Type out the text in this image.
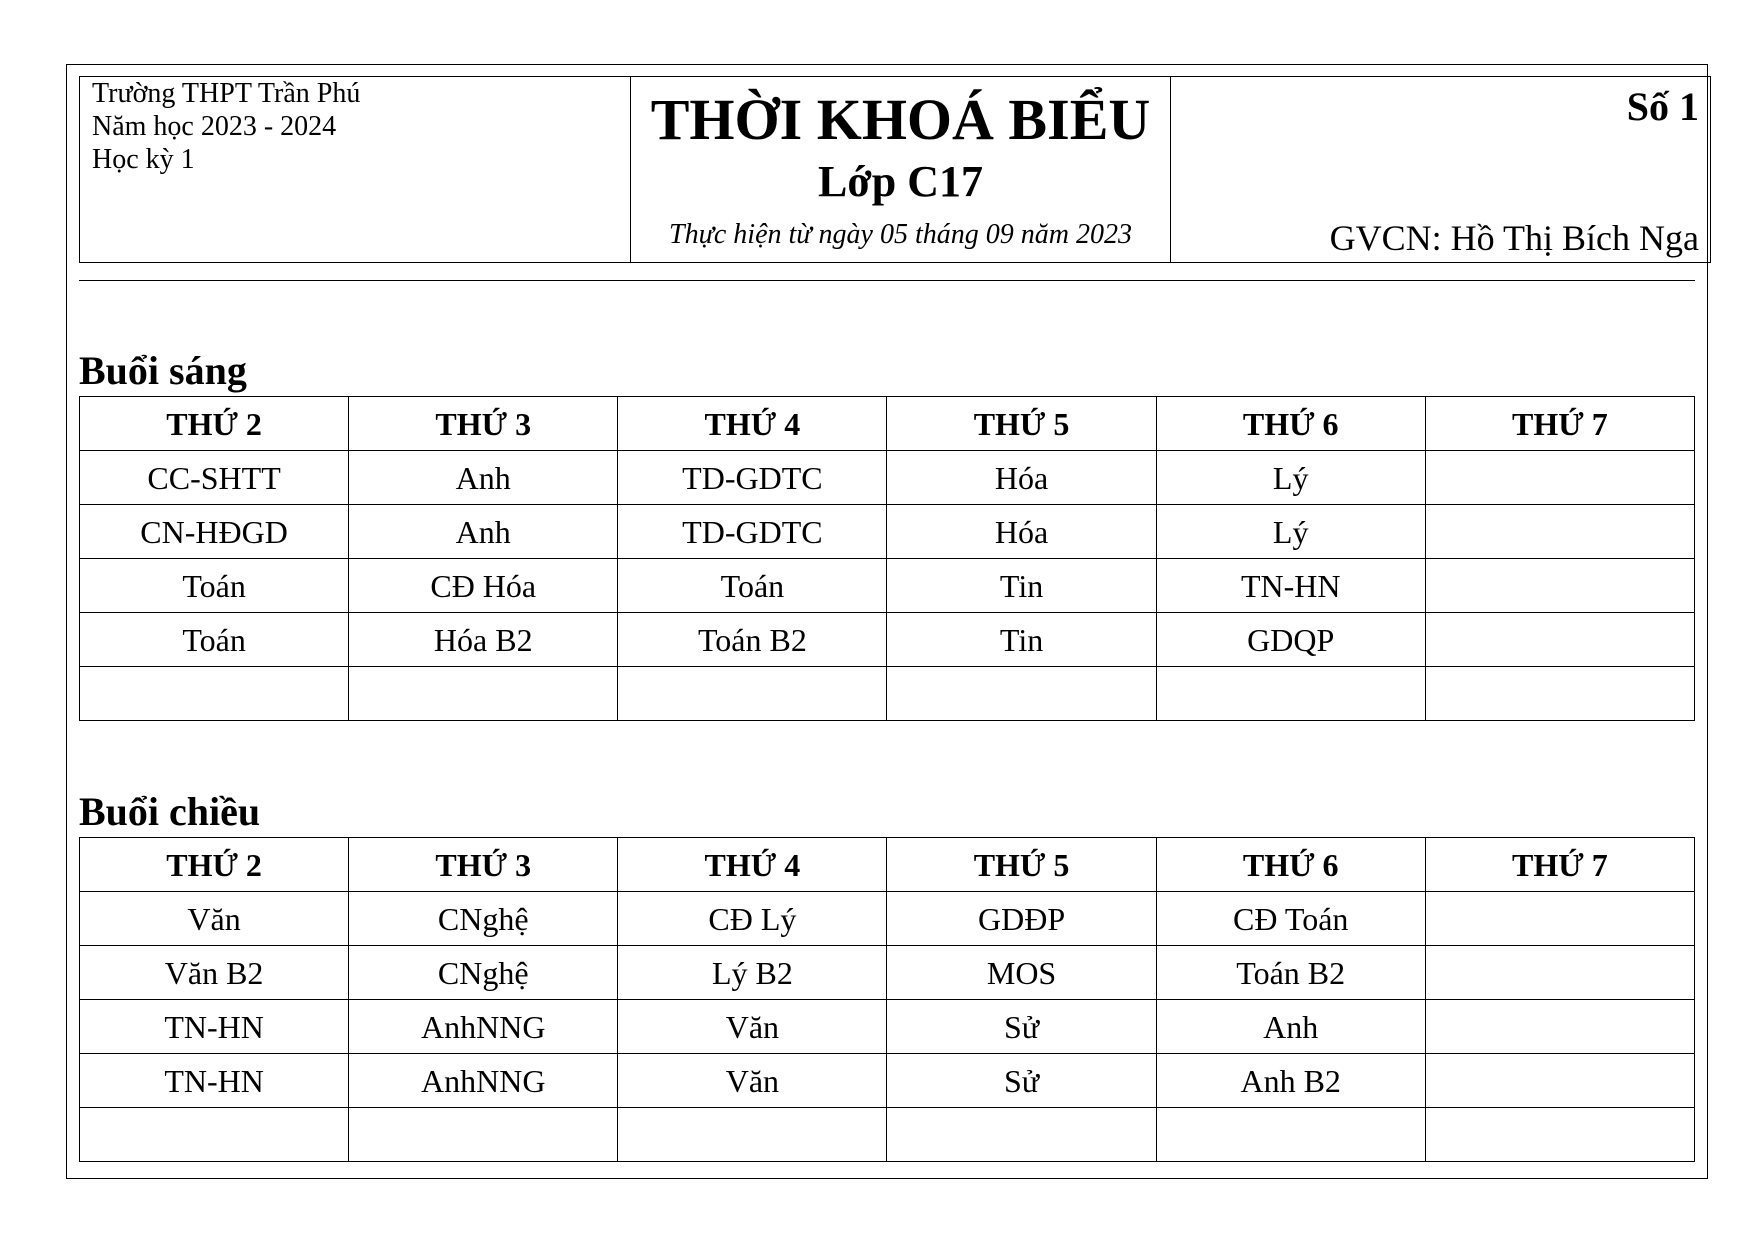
Trường THPT Trần Phú
Năm học 2023 - 2024
Học kỳ 1

THỜI KHOÁ BIỂU
Lớp C17
Thực hiện từ ngày 05 tháng 09 năm 2023

Số 1
GVCN: Hồ Thị Bích Nga
Buổi sáng
THỨ 2	THỨ 3	THỨ 4	THỨ 5	THỨ 6	THỨ 7
CC-SHTT	Anh	TD-GDTC	Hóa	Lý	
CN-HĐGD	Anh	TD-GDTC	Hóa	Lý	
Toán	CĐ Hóa	Toán	Tin	TN-HN	
Toán	Hóa B2	Toán B2	Tin	GDQP	

Buổi chiều
THỨ 2	THỨ 3	THỨ 4	THỨ 5	THỨ 6	THỨ 7
Văn	CNghệ	CĐ Lý	GDĐP	CĐ Toán	
Văn B2	CNghệ	Lý B2	MOS	Toán B2	
TN-HN	AnhNNG	Văn	Sử	Anh	
TN-HN	AnhNNG	Văn	Sử	Anh B2	
